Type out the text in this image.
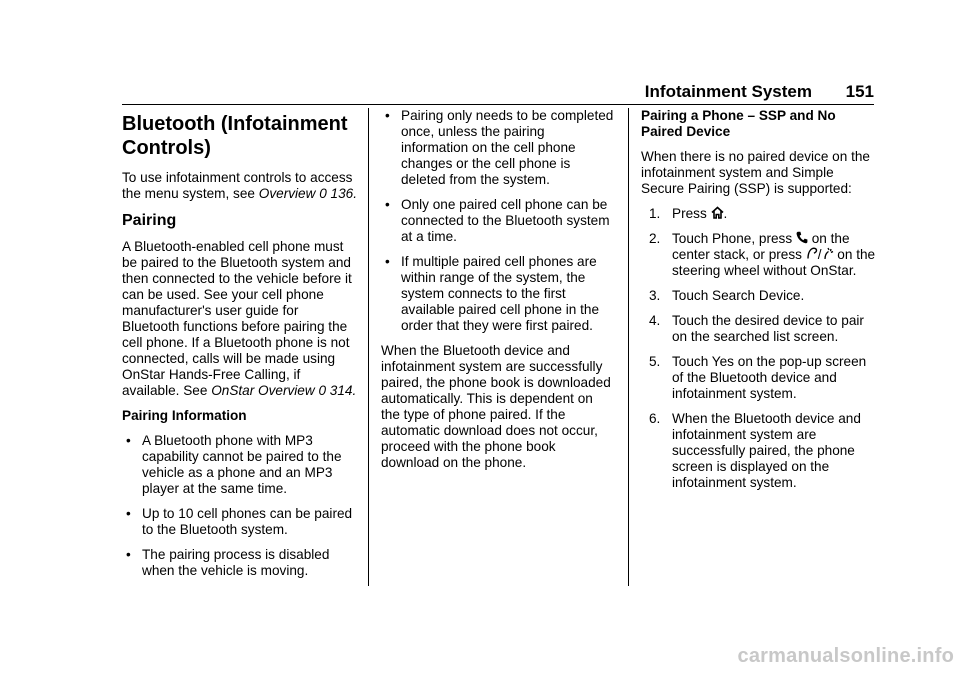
Infotainment System 151
Bluetooth (Infotainment Controls)

To use infotainment controls to access the menu system, see Overview 0 136.

Pairing

A Bluetooth-enabled cell phone must be paired to the Bluetooth system and then connected to the vehicle before it can be used. See your cell phone manufacturer's user guide for Bluetooth functions before pairing the cell phone. If a Bluetooth phone is not connected, calls will be made using OnStar Hands-Free Calling, if available. See OnStar Overview 0 314.

Pairing Information
• A Bluetooth phone with MP3 capability cannot be paired to the vehicle as a phone and an MP3 player at the same time.
• Up to 10 cell phones can be paired to the Bluetooth system.
• The pairing process is disabled when the vehicle is moving.
• Pairing only needs to be completed once, unless the pairing information on the cell phone changes or the cell phone is deleted from the system.
• Only one paired cell phone can be connected to the Bluetooth system at a time.
• If multiple paired cell phones are within range of the system, the system connects to the first available paired cell phone in the order that they were first paired.

When the Bluetooth device and infotainment system are successfully paired, the phone book is downloaded automatically. This is dependent on the type of phone paired. If the automatic download does not occur, proceed with the phone book download on the phone.

Pairing a Phone – SSP and No Paired Device

When there is no paired device on the infotainment system and Simple Secure Pairing (SSP) is supported:

1. Press .
2. Touch Phone, press on the center stack, or press / on the steering wheel without OnStar.
3. Touch Search Device.
4. Touch the desired device to pair on the searched list screen.
5. Touch Yes on the pop-up screen of the Bluetooth device and infotainment system.
6. When the Bluetooth device and infotainment system are successfully paired, the phone screen is displayed on the infotainment system.
carmanualsonline.info
